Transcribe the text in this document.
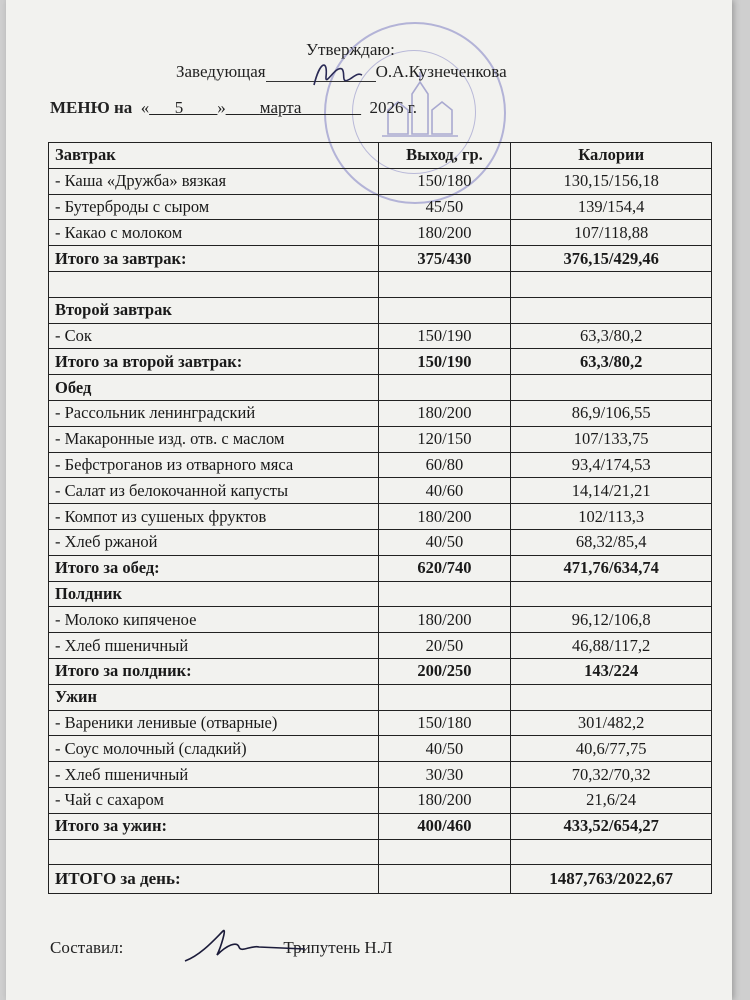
Утверждаю:
Заведующая	О.А.Кузнеченкова
МЕНЮ на «___5____»____марта_______ 2026 г.
Завтрак	Выход, гр.	Калории
- Каша «Дружба» вязкая	150/180	130,15/156,18
- Бутерброды с сыром	45/50	139/154,4
- Какао с молоком	180/200	107/118,88
Итого за завтрак:	375/430	376,15/429,46

Второй завтрак		
- Сок	150/190	63,3/80,2
Итого за второй завтрак:	150/190	63,3/80,2
Обед		
- Рассольник ленинградский	180/200	86,9/106,55
- Макаронные изд. отв. с маслом	120/150	107/133,75
- Бефстроганов из отварного мяса	60/80	93,4/174,53
- Салат из белокочанной капусты	40/60	14,14/21,21
- Компот из сушеных фруктов	180/200	102/113,3
- Хлеб ржаной	40/50	68,32/85,4
Итого за обед:	620/740	471,76/634,74
Полдник		
- Молоко кипяченое	180/200	96,12/106,8
- Хлеб пшеничный	20/50	46,88/117,2
Итого за полдник:	200/250	143/224
Ужин		
- Вареники ленивые (отварные)	150/180	301/482,2
- Соус молочный (сладкий)	40/50	40,6/77,75
- Хлеб пшеничный	30/30	70,32/70,32
- Чай с сахаром	180/200	21,6/24
Итого за ужин:	400/460	433,52/654,27

ИТОГО за день:		1487,763/2022,67
Составил:	Трипутень Н.Л
